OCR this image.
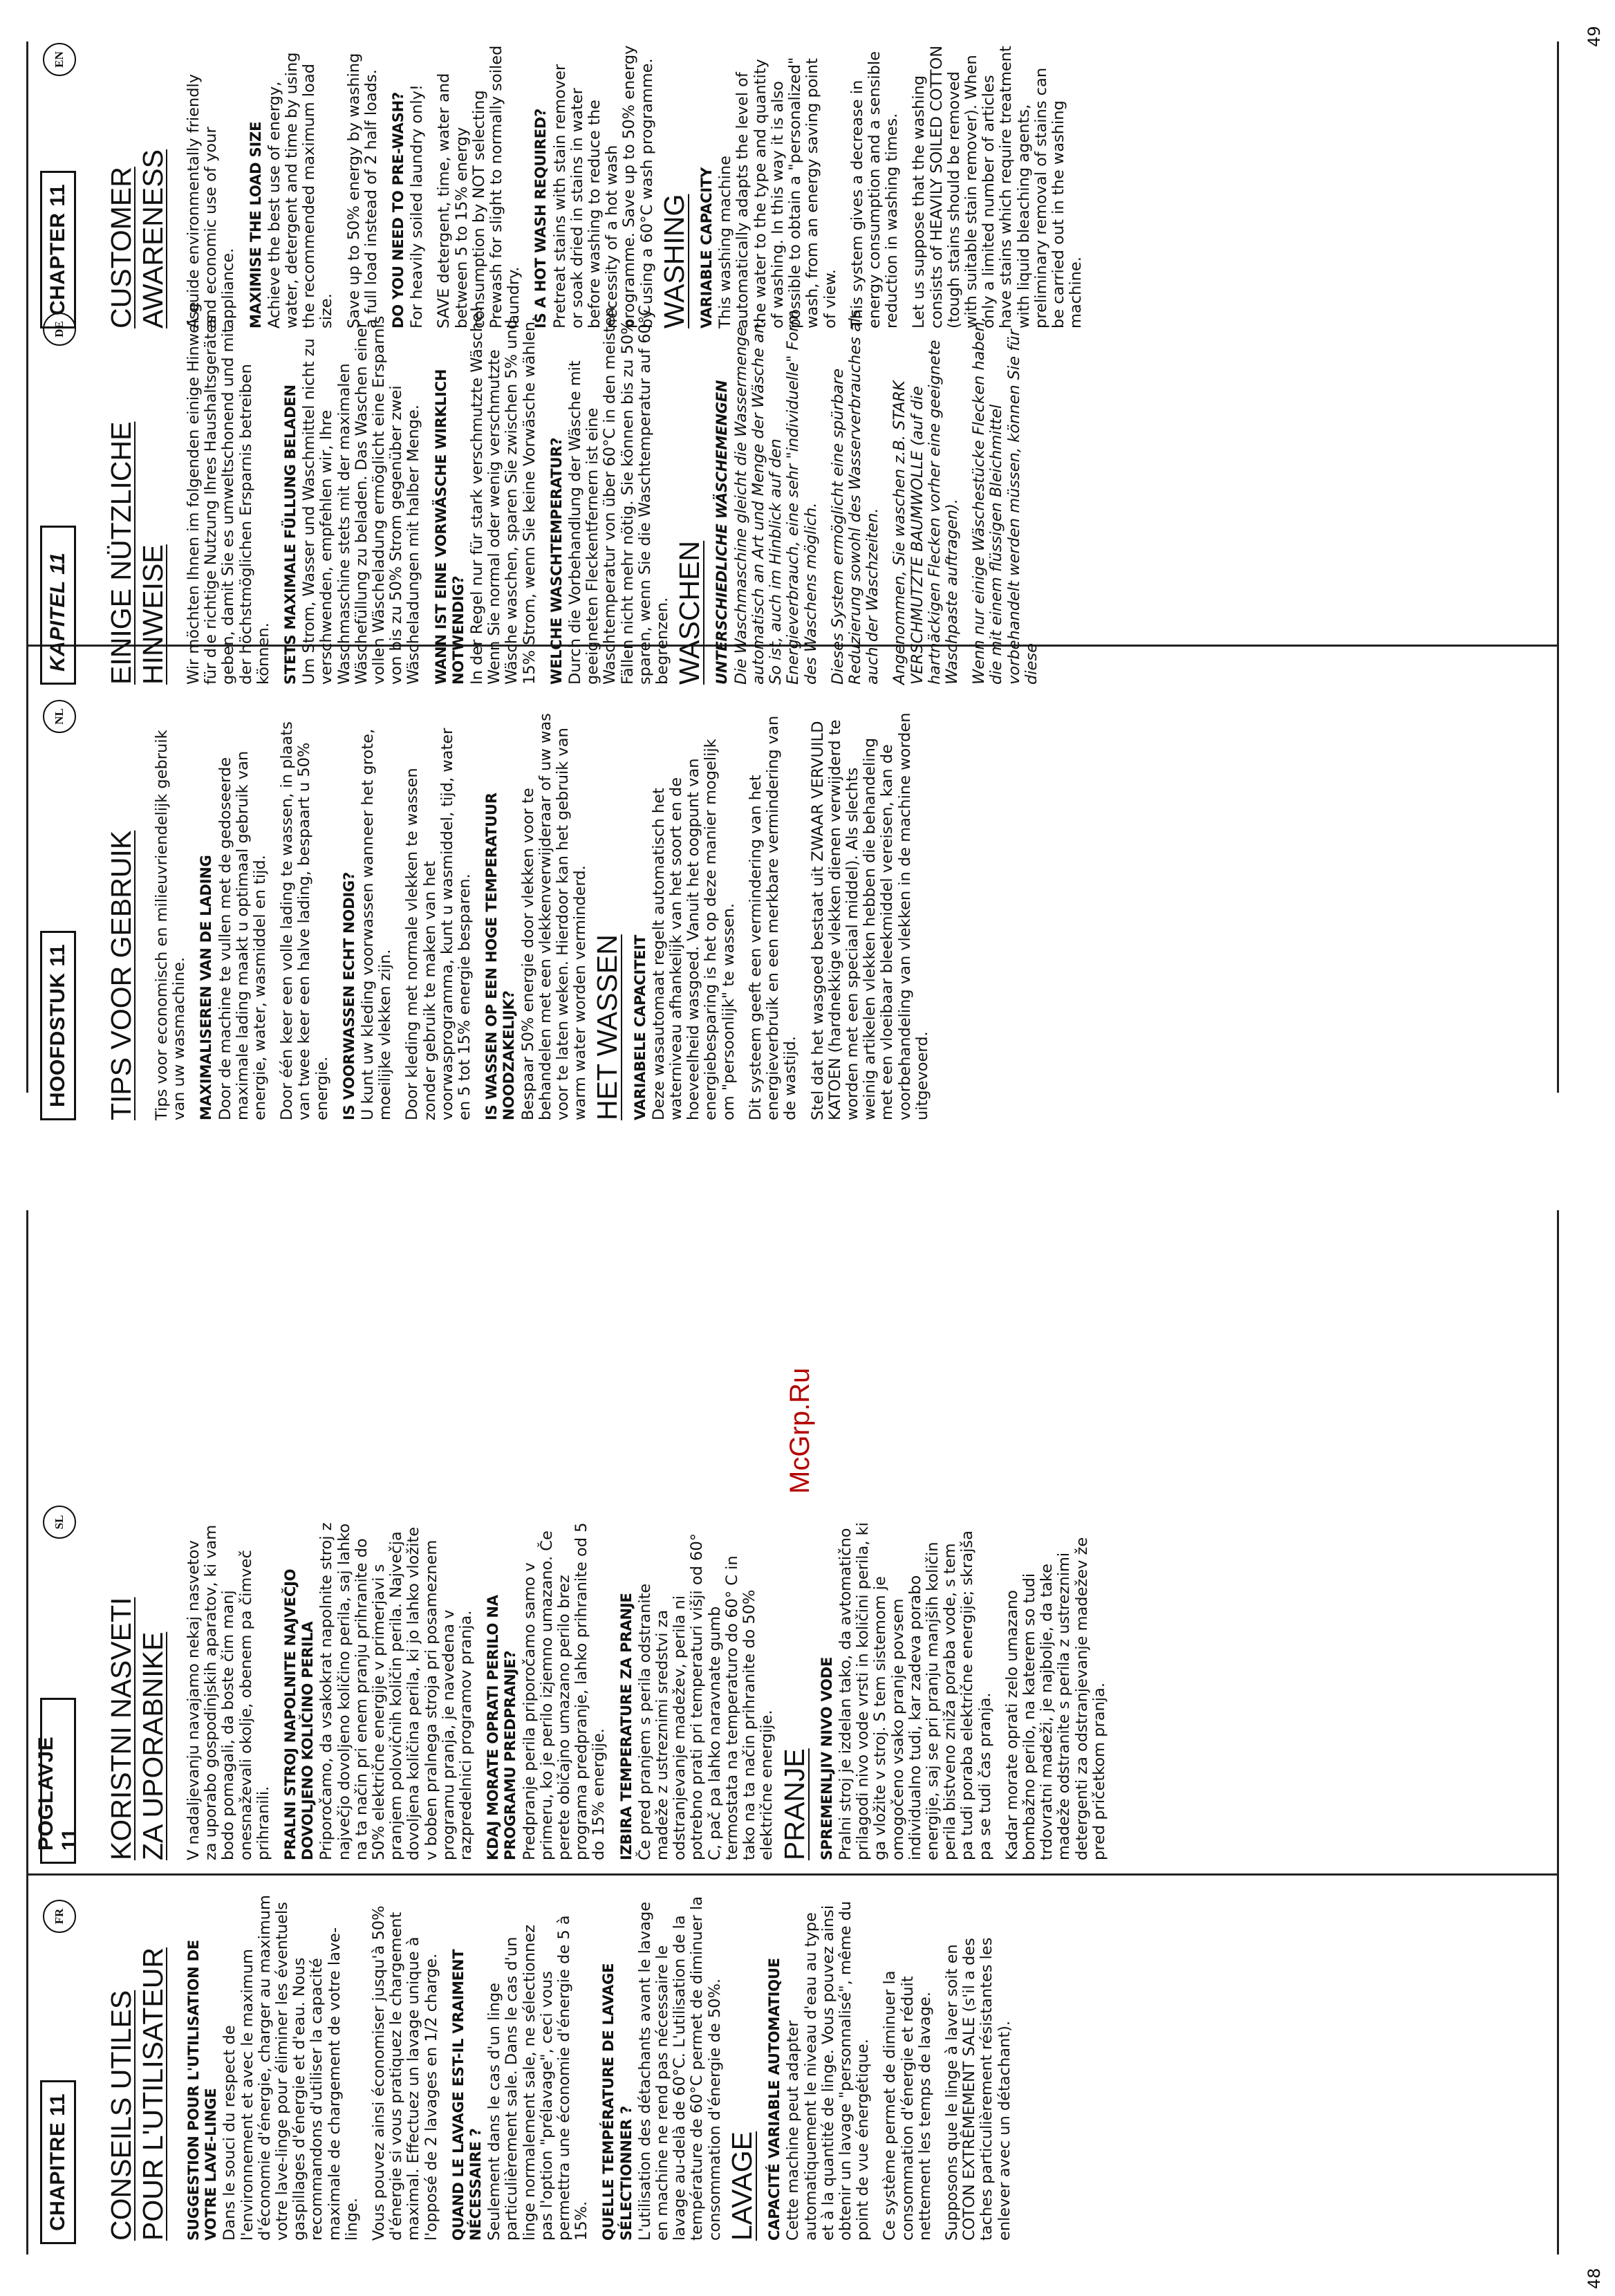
48
49
McGrp.Ru
CHAPITRE 11
FR
CONSEILS UTILES POUR L'UTILISATEUR SUGGESTION POUR L'UTILISATION DE VOTRE LAVE-LINGE Dans le souci du respect de l'environnement et avec le maximum d'économie d'énergie, charger au maximum votre lave-linge pour éliminer les éventuels gaspillages d'énergie et d'eau. Nous recommandons d'utiliser la capacité maximale de chargement de votre lave-linge. Vous pouvez ainsi économiser jusqu'à 50% d'énergie si vous pratiquez le chargement maximal. Effectuez un lavage unique à l'opposé de 2 lavages en 1/2 charge. QUAND LE LAVAGE EST-IL VRAIMENT NÉCESSAIRE ? Seulement dans le cas d'un linge particulièrement sale. Dans le cas d'un linge normalement sale, ne sélectionnez pas l'option "prélavage", ceci vous permettra une économie d'énergie de 5 à 15%. QUELLE TEMPÉRATURE DE LAVAGE SÉLECTIONNER ? L'utilisation des détachants avant le lavage en machine ne rend pas nécessaire le lavage au-delà de 60°C. L'utilisation de la température de 60°C permet de diminuer la consommation d'énergie de 50%. LAVAGE CAPACITÉ VARIABLE AUTOMATIQUE Cette machine peut adapter automatiquement le niveau d'eau au type et à la quantité de linge. Vous pouvez ainsi obtenir un lavage "personnalisé", même du point de vue énergétique. Ce système permet de diminuer la consommation d'énergie et réduit nettement les temps de lavage. Supposons que le linge à laver soit en COTON EXTRÊMEMENT SALE (s'il a des taches particulièrement résistantes les enlever avec un détachant).
POGLAVJE 11
SL
KORISTNI NASVETI ZA UPORABNIKE V nadaljevanju navajamo nekaj nasvetov za uporabo gospodinjskih aparatov, ki vam bodo pomagali, da boste čim manj onesnaževali okolje, obenem pa čimveč prihranili. PRALNI STROJ NAPOLNITE NAJVEČJO DOVOLJENO KOLIČINO PERILA Priporočamo, da vsakokrat napolnite stroj z največjo dovoljeno količino perila, saj lahko na ta način pri enem pranju prihranite do 50% električne energije v primerjavi s pranjem polovičnih količin perila. Največja dovoljena količina perila, ki jo lahko vložite v boben pralnega stroja pri posameznem programu pranja, je navedena v razpredelnici programov pranja. KDAJ MORATE OPRATI PERILO NA PROGRAMU PREDPRANJE? Predpranje perila priporočamo samo v primeru, ko je perilo izjemno umazano. Če perete običajno umazano perilo brez programa predpranje, lahko prihranite od 5 do 15% energije. IZBIRA TEMPERATURE ZA PRANJE Če pred pranjem s perila odstranite madeže z ustreznimi sredstvi za odstranjevanje madežev, perila ni potrebno prati pri temperaturi višji od 60° C, pač pa lahko naravnate gumb termostata na temperaturo do 60° C in tako na ta način prihranite do 50% električne energije. PRANJE SPREMENLJIV NIVO VODE Pralni stroj je izdelan tako, da avtomatično prilagodi nivo vode vrsti in količini perila, ki ga vložite v stroj. S tem sistemom je omogočeno vsako pranje povsem individualno tudi, kar zadeva porabo energije, saj se pri pranju manjših količin perila bistveno zniža poraba vode, s tem pa tudi poraba električne energije; skrajša pa se tudi čas pranja. Kadar morate oprati zelo umazano bombažno perilo, na katerem so tudi trdovratni madeži, je najbolje, da take madeže odstranite s perila z ustreznimi detergenti za odstranjevanje madežev že pred pričetkom pranja.
HOOFDSTUK 11
NL
TIPS VOOR GEBRUIK Tips voor economisch en milieuvriendelijk gebruik van uw wasmachine. MAXIMALISEREN VAN DE LADING Door de machine te vullen met de gedoseerde maximale lading maakt u optimaal gebruik van energie, water, wasmiddel en tijd. Door één keer een volle lading te wassen, in plaats van twee keer een halve lading, bespaart u 50% energie. IS VOORWASSEN ECHT NODIG? U kunt uw kleding voorwassen wanneer het grote, moeilijke vlekken zijn. Door kleding met normale vlekken te wassen zonder gebruik te maken van het voorwasprogramma, kunt u wasmiddel, tijd, water en 5 tot 15% energie besparen. IS WASSEN OP EEN HOGE TEMPERATUUR NOODZAKELIJK? Bespaar 50% energie door vlekken voor te behandelen met een vlekkenverwijderaar of uw was voor te laten weken. Hierdoor kan het gebruik van warm water worden verminderd. HET WASSEN VARIABELE CAPACITEIT Deze wasautomaat regelt automatisch het waterniveau afhankelijk van het soort en de hoeveelheid wasgoed. Vanuit het oogpunt van energiebesparing is het op deze manier mogelijk om "persoonlijk" te wassen. Dit systeem geeft een vermindering van het energieverbruik en een merkbare vermindering van de wastijd. Stel dat het wasgoed bestaat uit ZWAAR VERVUILD KATOEN (hardnekkige vlekken dienen verwijderd te worden met een speciaal middel). Als slechts weinig artikelen vlekken hebben die behandeling met een vloeibaar bleekmiddel vereisen, kan de voorbehandeling van vlekken in de machine worden uitgevoerd.
KAPITEL 11
DE
EINIGE NÜTZLICHE HINWEISE Wir möchten Ihnen im folgenden einige Hinweise für die richtige Nutzung Ihres Haushaltsgerätes geben, damit Sie es umweltschonend und mit der höchstmöglichen Ersparnis betreiben können. STETS MAXIMALE FÜLLUNG BELADEN Um Strom, Wasser und Waschmittel nicht zu verschwenden, empfehlen wir, Ihre Waschmaschine stets mit der maximalen Wäschefüllung zu beladen. Das Waschen einer vollen Wäscheladung ermöglicht eine Ersparnis von bis zu 50% Strom gegenüber zwei Wäscheladungen mit halber Menge. WANN IST EINE VORWÄSCHE WIRKLICH NOTWENDIG? In der Regel nur für stark verschmutzte Wäsche! Wenn Sie normal oder wenig verschmutzte Wäsche waschen, sparen Sie zwischen 5% und 15% Strom, wenn Sie keine Vorwäsche wählen. WELCHE WASCHTEMPERATUR? Durch die Vorbehandlung der Wäsche mit geeigneten Fleckentfernern ist eine Waschtemperatur von über 60°C in den meisten Fällen nicht mehr nötig. Sie können bis zu 50% sparen, wenn Sie die Waschtemperatur auf 60°C begrenzen. WASCHEN UNTERSCHIEDLICHE WÄSCHEMENGEN Die Waschmaschine gleicht die Wassermenge automatisch an Art und Menge der Wäsche an. So ist, auch im Hinblick auf den Energieverbrauch, eine sehr "individuelle" Form des Waschens möglich. Dieses System ermöglicht eine spürbare Reduzierung sowohl des Wasserverbrauches als auch der Waschzeiten. Angenommen, Sie waschen z.B. STARK VERSCHMUTZTE BAUMWOLLE (auf die hartnäckigen Flecken vorher eine geeignete Waschpaste auftragen). Wenn nur einige Wäschestücke Flecken haben, die mit einem flüssigen Bleichmittel vorbehandelt werden müssen, können Sie für diese
CHAPTER 11
EN
CUSTOMER AWARENESS A guide environmentally friendly and economic use of your appliance. MAXIMISE THE LOAD SIZE Achieve the best use of energy, water, detergent and time by using the recommended maximum load size. Save up to 50% energy by washing a full load instead of 2 half loads. DO YOU NEED TO PRE-WASH? For heavily soiled laundry only! SAVE detergent, time, water and between 5 to 15% energy consumption by NOT selecting Prewash for slight to normally soiled laundry. IS A HOT WASH REQUIRED? Pretreat stains with stain remover or soak dried in stains in water before washing to reduce the necessity of a hot wash programme. Save up to 50% energy by using a 60°C wash programme. WASHING VARIABLE CAPACITY This washing machine automatically adapts the level of the water to the type and quantity of washing. In this way it is also possible to obtain a "personalized" wash, from an energy saving point of view. This system gives a decrease in energy consumption and a sensible reduction in washing times. Let us suppose that the washing consists of HEAVILY SOILED COTTON (tough stains should be removed with suitable stain remover). When only a limited number of articles have stains which require treatment with liquid bleaching agents, preliminary removal of stains can be carried out in the washing machine.
